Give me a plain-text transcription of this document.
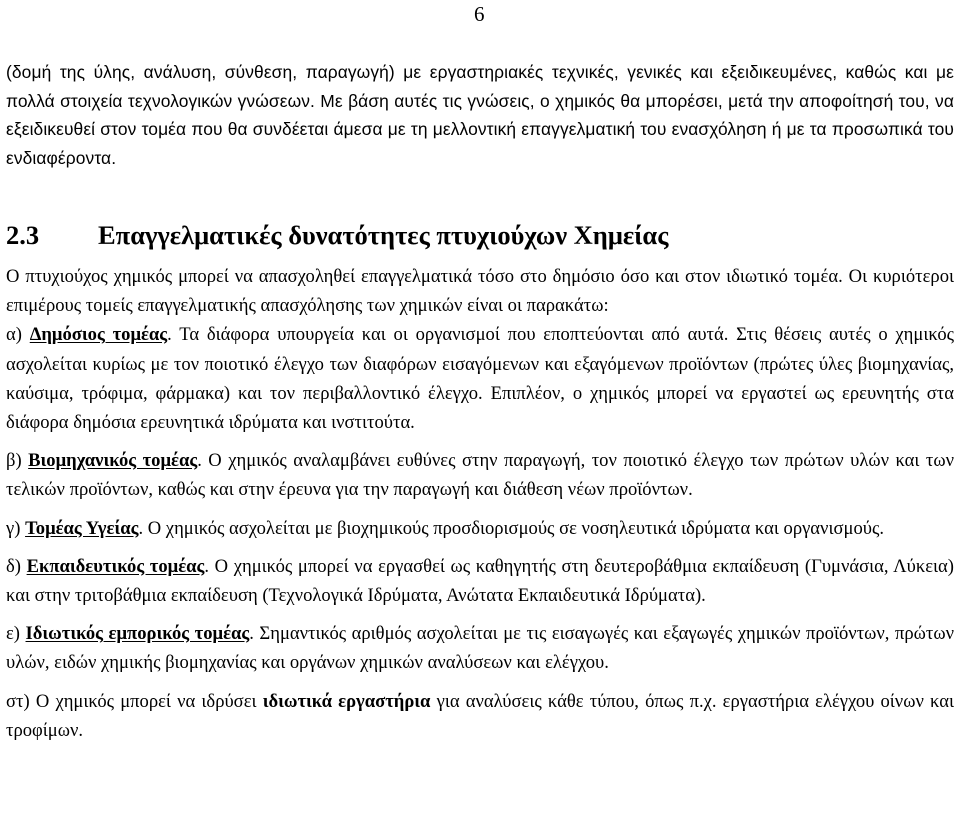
6

(δομή της ύλης, ανάλυση, σύνθεση, παραγωγή) με εργαστηριακές τεχνικές, γενικές και εξειδικευμένες, καθώς και με πολλά στοιχεία τεχνολογικών γνώσεων. Με βάση αυτές τις γνώσεις, ο χημικός θα μπορέσει, μετά την αποφοίτησή του, να εξειδικευθεί στον τομέα που θα συνδέεται άμεσα με τη μελλοντική επαγγελματική του ενασχόληση ή με τα προσωπικά του ενδιαφέροντα.

2.3 Επαγγελματικές δυνατότητες πτυχιούχων Χημείας

Ο πτυχιούχος χημικός μπορεί να απασχοληθεί επαγγελματικά τόσο στο δημόσιο όσο και στον ιδιωτικό τομέα. Οι κυριότεροι επιμέρους τομείς επαγγελματικής απασχόλησης των χημικών είναι οι παρακάτω:

α) Δημόσιος τομέας. Τα διάφορα υπουργεία και οι οργανισμοί που εποπτεύονται από αυτά. Στις θέσεις αυτές ο χημικός ασχολείται κυρίως με τον ποιοτικό έλεγχο των διαφόρων εισαγόμενων και εξαγόμενων προϊόντων (πρώτες ύλες βιομηχανίας, καύσιμα, τρόφιμα, φάρμακα) και τον περιβαλλοντικό έλεγχο. Επιπλέον, ο χημικός μπορεί να εργαστεί ως ερευνητής στα διάφορα δημόσια ερευνητικά ιδρύματα και ινστιτούτα.

β) Βιομηχανικός τομέας. Ο χημικός αναλαμβάνει ευθύνες στην παραγωγή, τον ποιοτικό έλεγχο των πρώτων υλών και των τελικών προϊόντων, καθώς και στην έρευνα για την παραγωγή και διάθεση νέων προϊόντων.

γ) Τομέας Υγείας. Ο χημικός ασχολείται με βιοχημικούς προσδιορισμούς σε νοσηλευτικά ιδρύματα και οργανισμούς.

δ) Εκπαιδευτικός τομέας. Ο χημικός μπορεί να εργασθεί ως καθηγητής στη δευτεροβάθμια εκπαίδευση (Γυμνάσια, Λύκεια) και στην τριτοβάθμια εκπαίδευση (Τεχνολογικά Ιδρύματα, Ανώτατα Εκπαιδευτικά Ιδρύματα).

ε) Ιδιωτικός εμπορικός τομέας. Σημαντικός αριθμός ασχολείται με τις εισαγωγές και εξαγωγές χημικών προϊόντων, πρώτων υλών, ειδών χημικής βιομηχανίας και οργάνων χημικών αναλύσεων και ελέγχου.

στ) Ο χημικός μπορεί να ιδρύσει ιδιωτικά εργαστήρια για αναλύσεις κάθε τύπου, όπως π.χ. εργαστήρια ελέγχου οίνων και τροφίμων.
